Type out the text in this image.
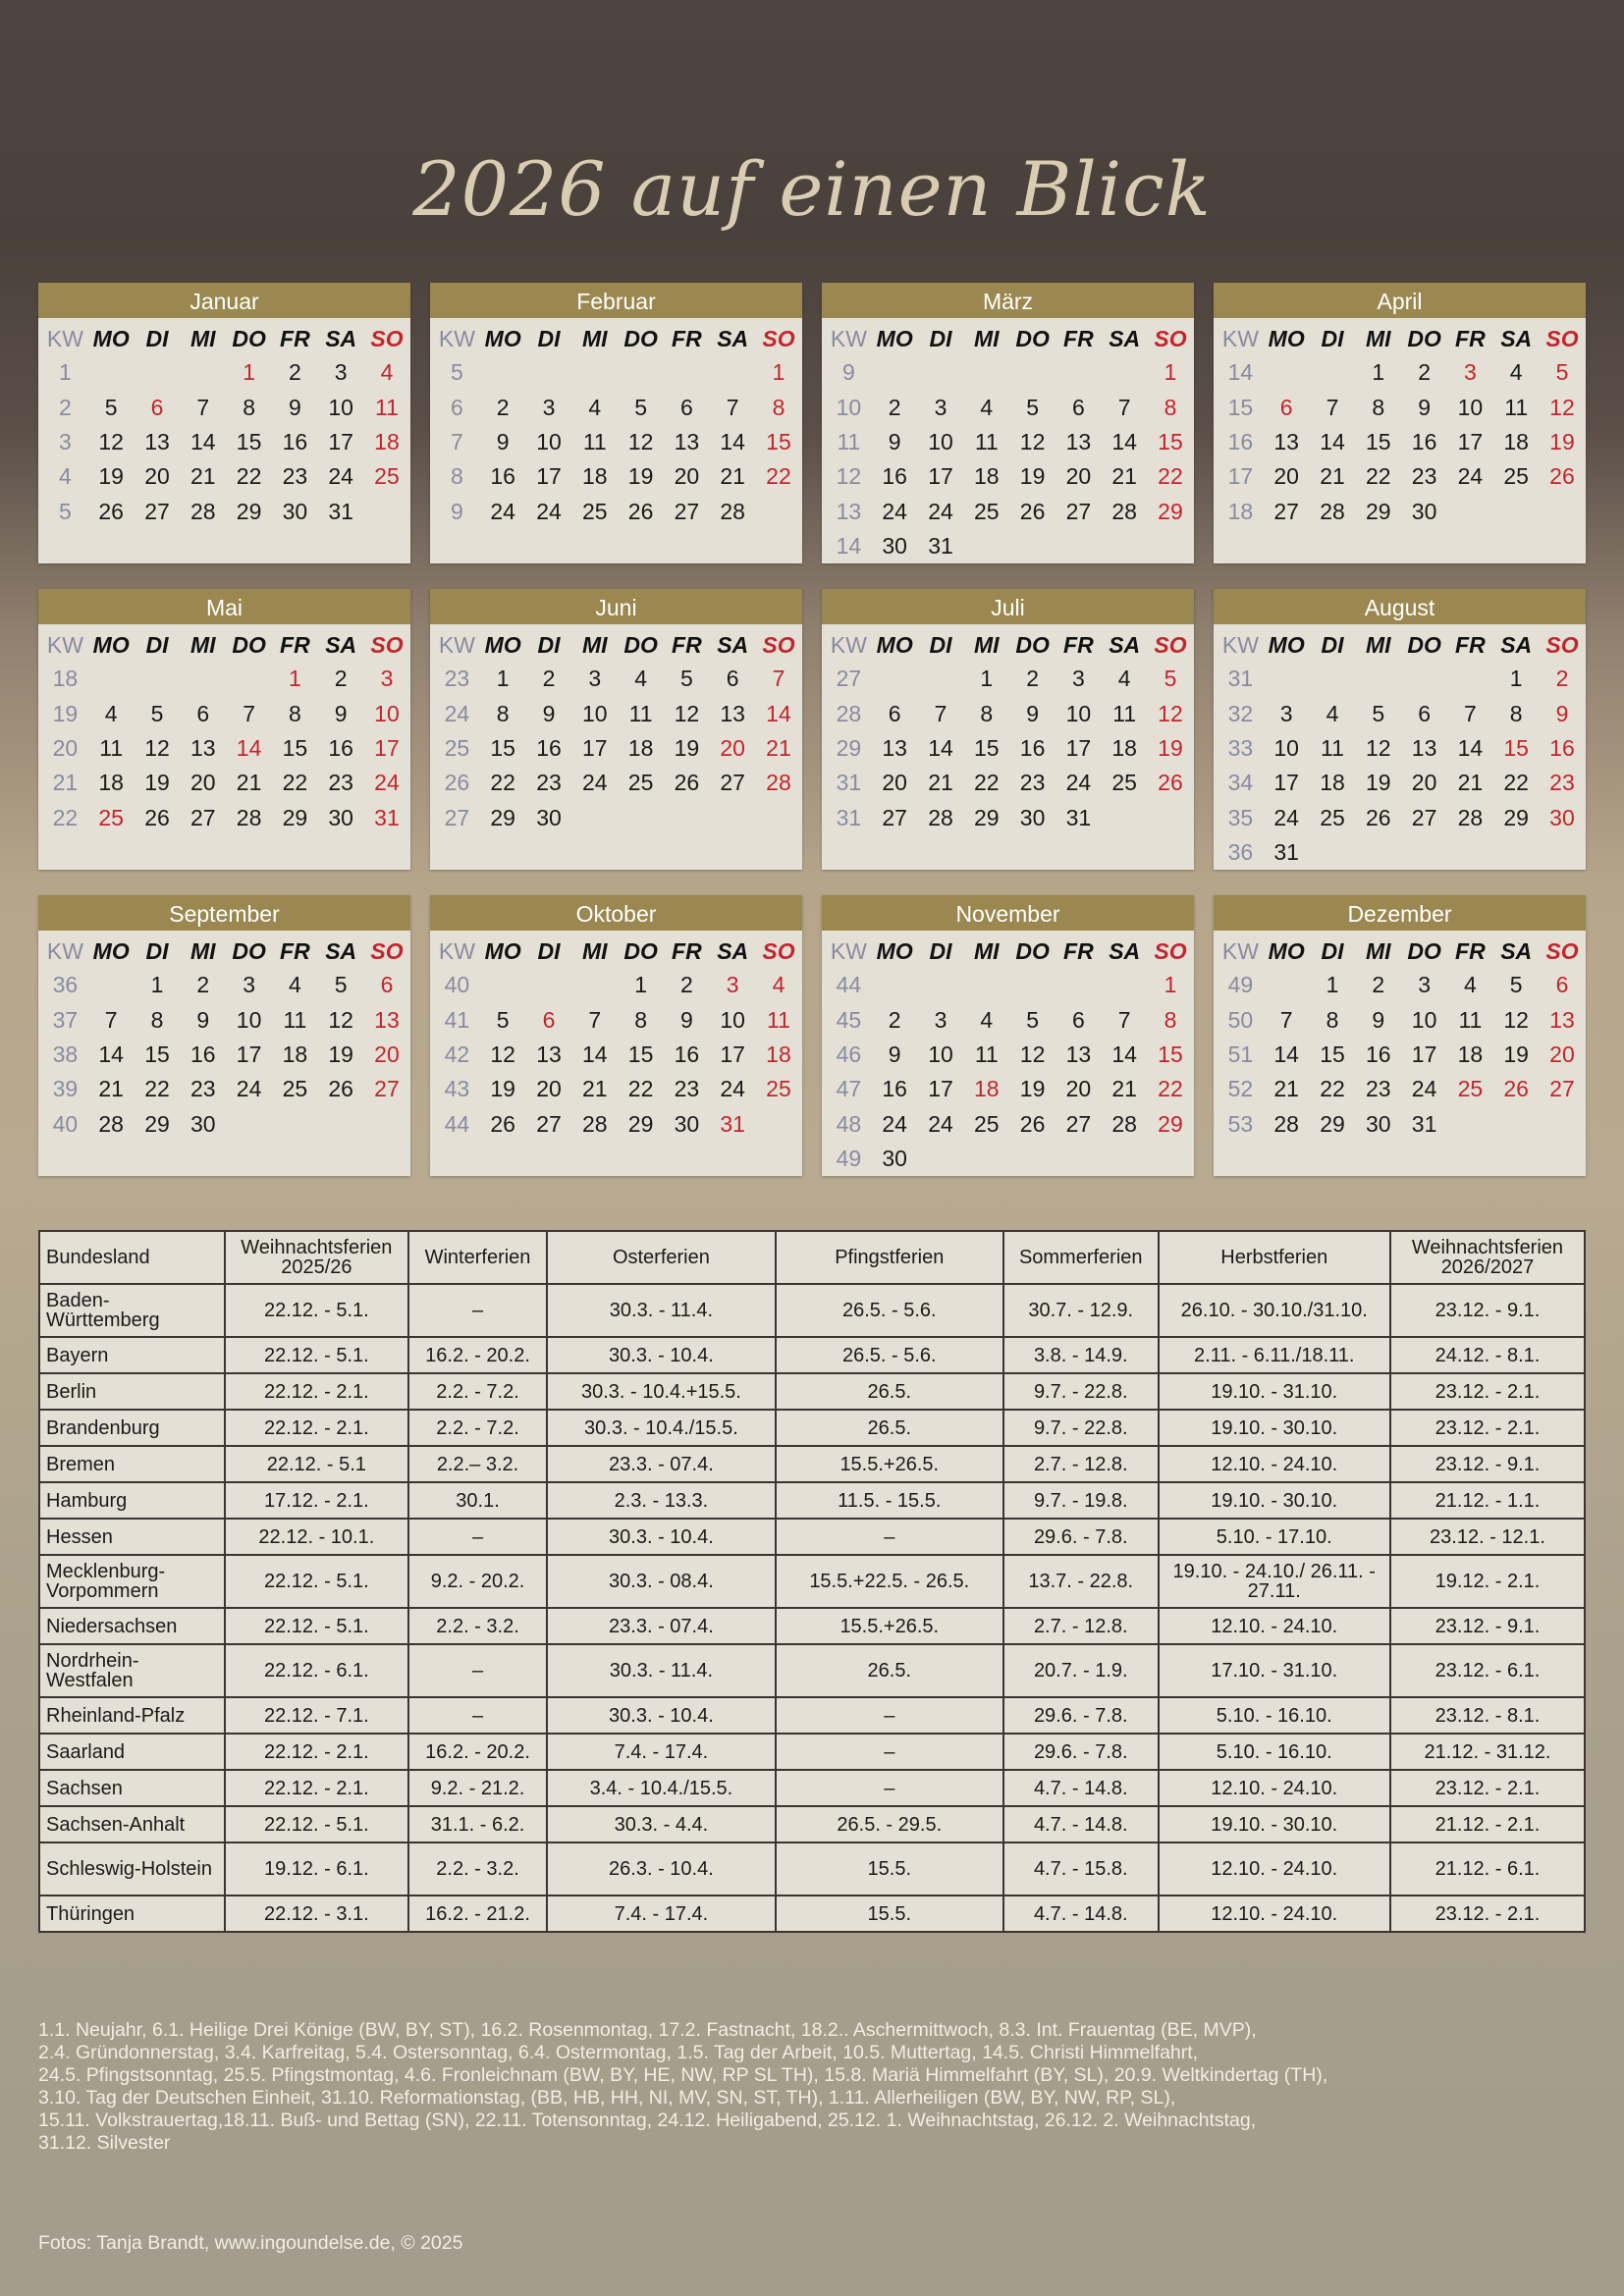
2026 auf einen Blick
Januar
KW	MO	DI	MI	DO	FR	SA	SO
1				1	2	3	4
2	5	6	7	8	9	10	11
3	12	13	14	15	16	17	18
4	19	20	21	22	23	24	25
5	26	27	28	29	30	31	
Februar
KW	MO	DI	MI	DO	FR	SA	SO
5							1
6	2	3	4	5	6	7	8
7	9	10	11	12	13	14	15
8	16	17	18	19	20	21	22
9	24	24	25	26	27	28	
März
KW	MO	DI	MI	DO	FR	SA	SO
9							1
10	2	3	4	5	6	7	8
11	9	10	11	12	13	14	15
12	16	17	18	19	20	21	22
13	24	24	25	26	27	28	29
14	30	31					
April
KW	MO	DI	MI	DO	FR	SA	SO
14			1	2	3	4	5
15	6	7	8	9	10	11	12
16	13	14	15	16	17	18	19
17	20	21	22	23	24	25	26
18	27	28	29	30			
Mai
KW	MO	DI	MI	DO	FR	SA	SO
18					1	2	3
19	4	5	6	7	8	9	10
20	11	12	13	14	15	16	17
21	18	19	20	21	22	23	24
22	25	26	27	28	29	30	31
Juni
KW	MO	DI	MI	DO	FR	SA	SO
23	1	2	3	4	5	6	7
24	8	9	10	11	12	13	14
25	15	16	17	18	19	20	21
26	22	23	24	25	26	27	28
27	29	30					
Juli
KW	MO	DI	MI	DO	FR	SA	SO
27			1	2	3	4	5
28	6	7	8	9	10	11	12
29	13	14	15	16	17	18	19
31	20	21	22	23	24	25	26
31	27	28	29	30	31		
August
KW	MO	DI	MI	DO	FR	SA	SO
31						1	2
32	3	4	5	6	7	8	9
33	10	11	12	13	14	15	16
34	17	18	19	20	21	22	23
35	24	25	26	27	28	29	30
36	31						
September
KW	MO	DI	MI	DO	FR	SA	SO
36		1	2	3	4	5	6
37	7	8	9	10	11	12	13
38	14	15	16	17	18	19	20
39	21	22	23	24	25	26	27
40	28	29	30				
Oktober
KW	MO	DI	MI	DO	FR	SA	SO
40				1	2	3	4
41	5	6	7	8	9	10	11
42	12	13	14	15	16	17	18
43	19	20	21	22	23	24	25
44	26	27	28	29	30	31	
November
KW	MO	DI	MI	DO	FR	SA	SO
44							1
45	2	3	4	5	6	7	8
46	9	10	11	12	13	14	15
47	16	17	18	19	20	21	22
48	24	24	25	26	27	28	29
49	30						
Dezember
KW	MO	DI	MI	DO	FR	SA	SO
49		1	2	3	4	5	6
50	7	8	9	10	11	12	13
51	14	15	16	17	18	19	20
52	21	22	23	24	25	26	27
53	28	29	30	31			
Bundesland	Weihnachtsferien 2025/26	Winterferien	Osterferien	Pfingstferien	Sommerferien	Herbstferien	Weihnachtsferien 2026/2027
Baden-Württemberg	22.12. - 5.1.	–	30.3. - 11.4.	26.5. - 5.6.	30.7. - 12.9.	26.10. - 30.10./31.10.	23.12. - 9.1.
Bayern	22.12. - 5.1.	16.2. - 20.2.	30.3. - 10.4.	26.5. - 5.6.	3.8. - 14.9.	2.11. - 6.11./18.11.	24.12. - 8.1.
Berlin	22.12. - 2.1.	2.2. - 7.2.	30.3. - 10.4.+15.5.	26.5.	9.7. - 22.8.	19.10. - 31.10.	23.12. - 2.1.
Brandenburg	22.12. - 2.1.	2.2. - 7.2.	30.3. - 10.4./15.5.	26.5.	9.7. - 22.8.	19.10. - 30.10.	23.12. - 2.1.
Bremen	22.12. - 5.1	2.2.– 3.2.	23.3. - 07.4.	15.5.+26.5.	2.7. - 12.8.	12.10. - 24.10.	23.12. - 9.1.
Hamburg	17.12. - 2.1.	30.1.	2.3. - 13.3.	11.5. - 15.5.	9.7. - 19.8.	19.10. - 30.10.	21.12. - 1.1.
Hessen	22.12. - 10.1.	–	30.3. - 10.4.	–	29.6. - 7.8.	5.10. - 17.10.	23.12. - 12.1.
Mecklenburg-Vorpommern	22.12. - 5.1.	9.2. - 20.2.	30.3. - 08.4.	15.5.+22.5. - 26.5.	13.7. - 22.8.	19.10. - 24.10./ 26.11. - 27.11.	19.12. - 2.1.
Niedersachsen	22.12. - 5.1.	2.2. - 3.2.	23.3. - 07.4.	15.5.+26.5.	2.7. - 12.8.	12.10. - 24.10.	23.12. - 9.1.
Nordrhein-Westfalen	22.12. - 6.1.	–	30.3. - 11.4.	26.5.	20.7. - 1.9.	17.10. - 31.10.	23.12. - 6.1.
Rheinland-Pfalz	22.12. - 7.1.	–	30.3. - 10.4.	–	29.6. - 7.8.	5.10. - 16.10.	23.12. - 8.1.
Saarland	22.12. - 2.1.	16.2. - 20.2.	7.4. - 17.4.	–	29.6. - 7.8.	5.10. - 16.10.	21.12. - 31.12.
Sachsen	22.12. - 2.1.	9.2. - 21.2.	3.4. - 10.4./15.5.	–	4.7. - 14.8.	12.10. - 24.10.	23.12. - 2.1.
Sachsen-Anhalt	22.12. - 5.1.	31.1. - 6.2.	30.3. - 4.4.	26.5. - 29.5.	4.7. - 14.8.	19.10. - 30.10.	21.12. - 2.1.
Schleswig-Holstein	19.12. - 6.1.	2.2. - 3.2.	26.3. - 10.4.	15.5.	4.7. - 15.8.	12.10. - 24.10.	21.12. - 6.1.
Thüringen	22.12. - 3.1.	16.2. - 21.2.	7.4. - 17.4.	15.5.	4.7. - 14.8.	12.10. - 24.10.	23.12. - 2.1.
1.1. Neujahr, 6.1. Heilige Drei Könige (BW, BY, ST), 16.2. Rosenmontag, 17.2. Fastnacht, 18.2.. Aschermittwoch, 8.3. Int. Frauentag (BE, MVP),
2.4. Gründonnerstag, 3.4. Karfreitag, 5.4. Ostersonntag, 6.4. Ostermontag, 1.5. Tag der Arbeit, 10.5. Muttertag, 14.5. Christi Himmelfahrt,
24.5. Pfingstsonntag, 25.5. Pfingstmontag, 4.6. Fronleichnam (BW, BY, HE, NW, RP SL TH), 15.8. Mariä Himmelfahrt (BY, SL), 20.9. Weltkindertag (TH),
3.10. Tag der Deutschen Einheit, 31.10. Reformationstag, (BB, HB, HH, NI, MV, SN, ST, TH), 1.11. Allerheiligen (BW, BY, NW, RP, SL),
15.11. Volkstrauertag,18.11. Buß- und Bettag (SN), 22.11. Totensonntag, 24.12. Heiligabend, 25.12. 1. Weihnachtstag, 26.12. 2. Weihnachtstag,
31.12. Silvester
Fotos: Tanja Brandt, www.ingoundelse.de, © 2025
